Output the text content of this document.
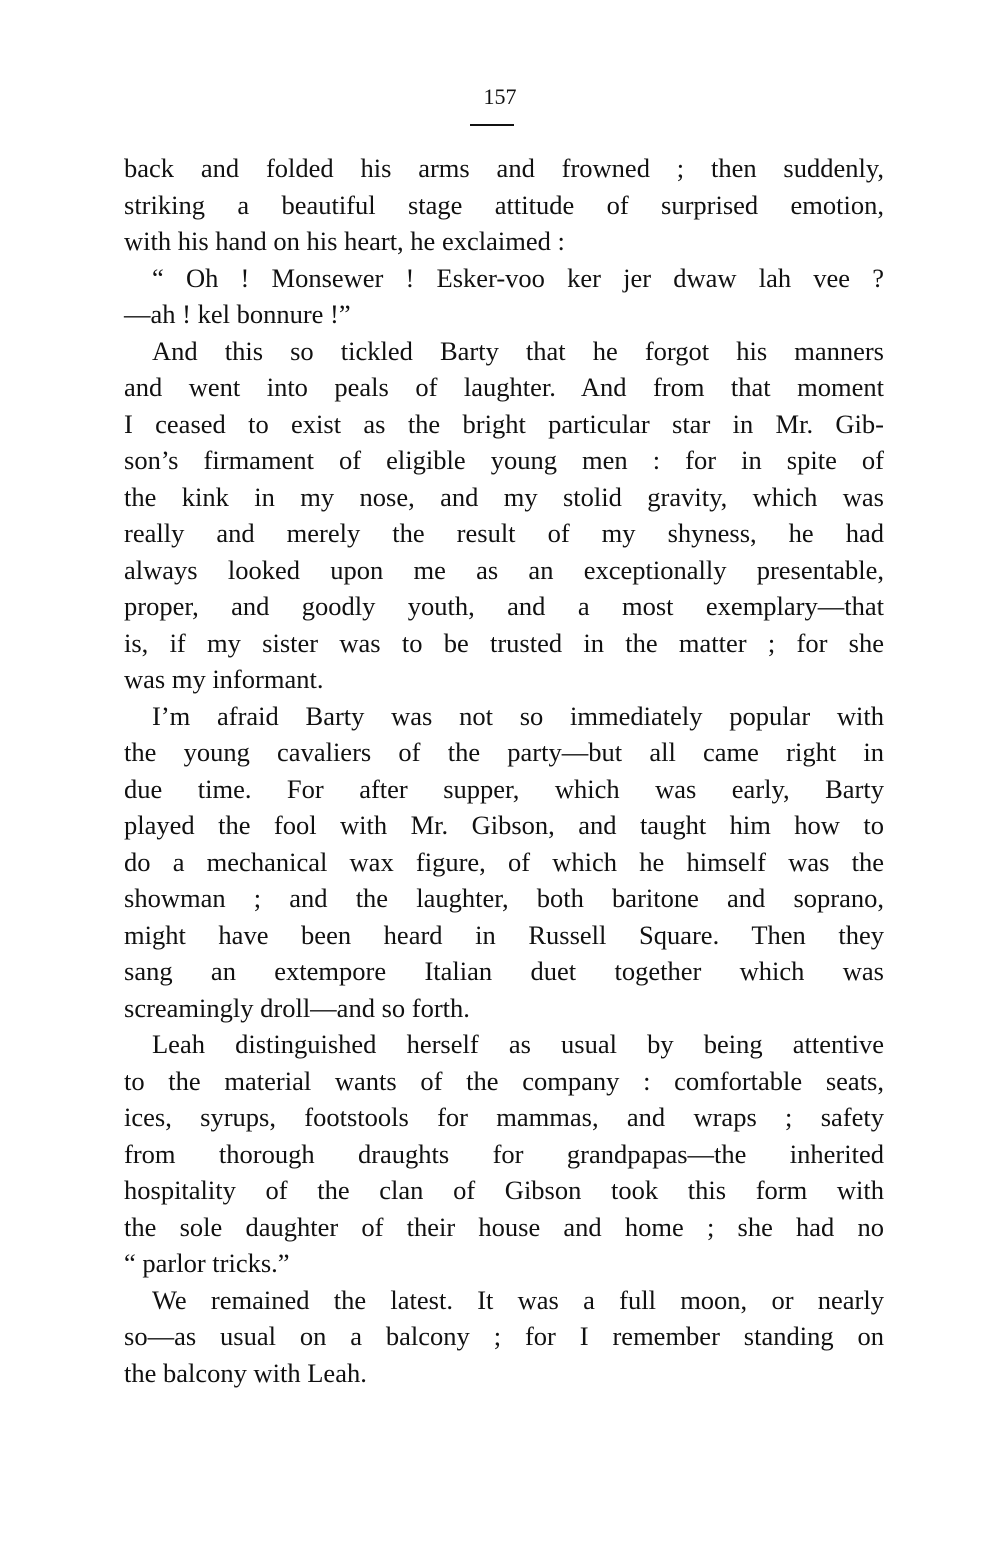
157
back and folded his arms and frowned ; then suddenly,
striking a beautiful stage attitude of surprised emotion,
with his hand on his heart, he exclaimed :
“ Oh ! Monsewer ! Esker-voo ker jer dwaw lah vee ?
—ah ! kel bonnure !”
And this so tickled Barty that he forgot his manners
and went into peals of laughter. And from that moment
I ceased to exist as the bright particular star in Mr. Gib-
son’s firmament of eligible young men : for in spite of
the kink in my nose, and my stolid gravity, which was
really and merely the result of my shyness, he had
always looked upon me as an exceptionally presentable,
proper, and goodly youth, and a most exemplary—that
is, if my sister was to be trusted in the matter ; for she
was my informant.
I’m afraid Barty was not so immediately popular with
the young cavaliers of the party—but all came right in
due time. For after supper, which was early, Barty
played the fool with Mr. Gibson, and taught him how to
do a mechanical wax figure, of which he himself was the
showman ; and the laughter, both baritone and soprano,
might have been heard in Russell Square. Then they
sang an extempore Italian duet together which was
screamingly droll—and so forth.
Leah distinguished herself as usual by being attentive
to the material wants of the company : comfortable seats,
ices, syrups, footstools for mammas, and wraps ; safety
from thorough draughts for grandpapas—the inherited
hospitality of the clan of Gibson took this form with
the sole daughter of their house and home ; she had no
“ parlor tricks.”
We remained the latest. It was a full moon, or nearly
so—as usual on a balcony ; for I remember standing on
the balcony with Leah.
